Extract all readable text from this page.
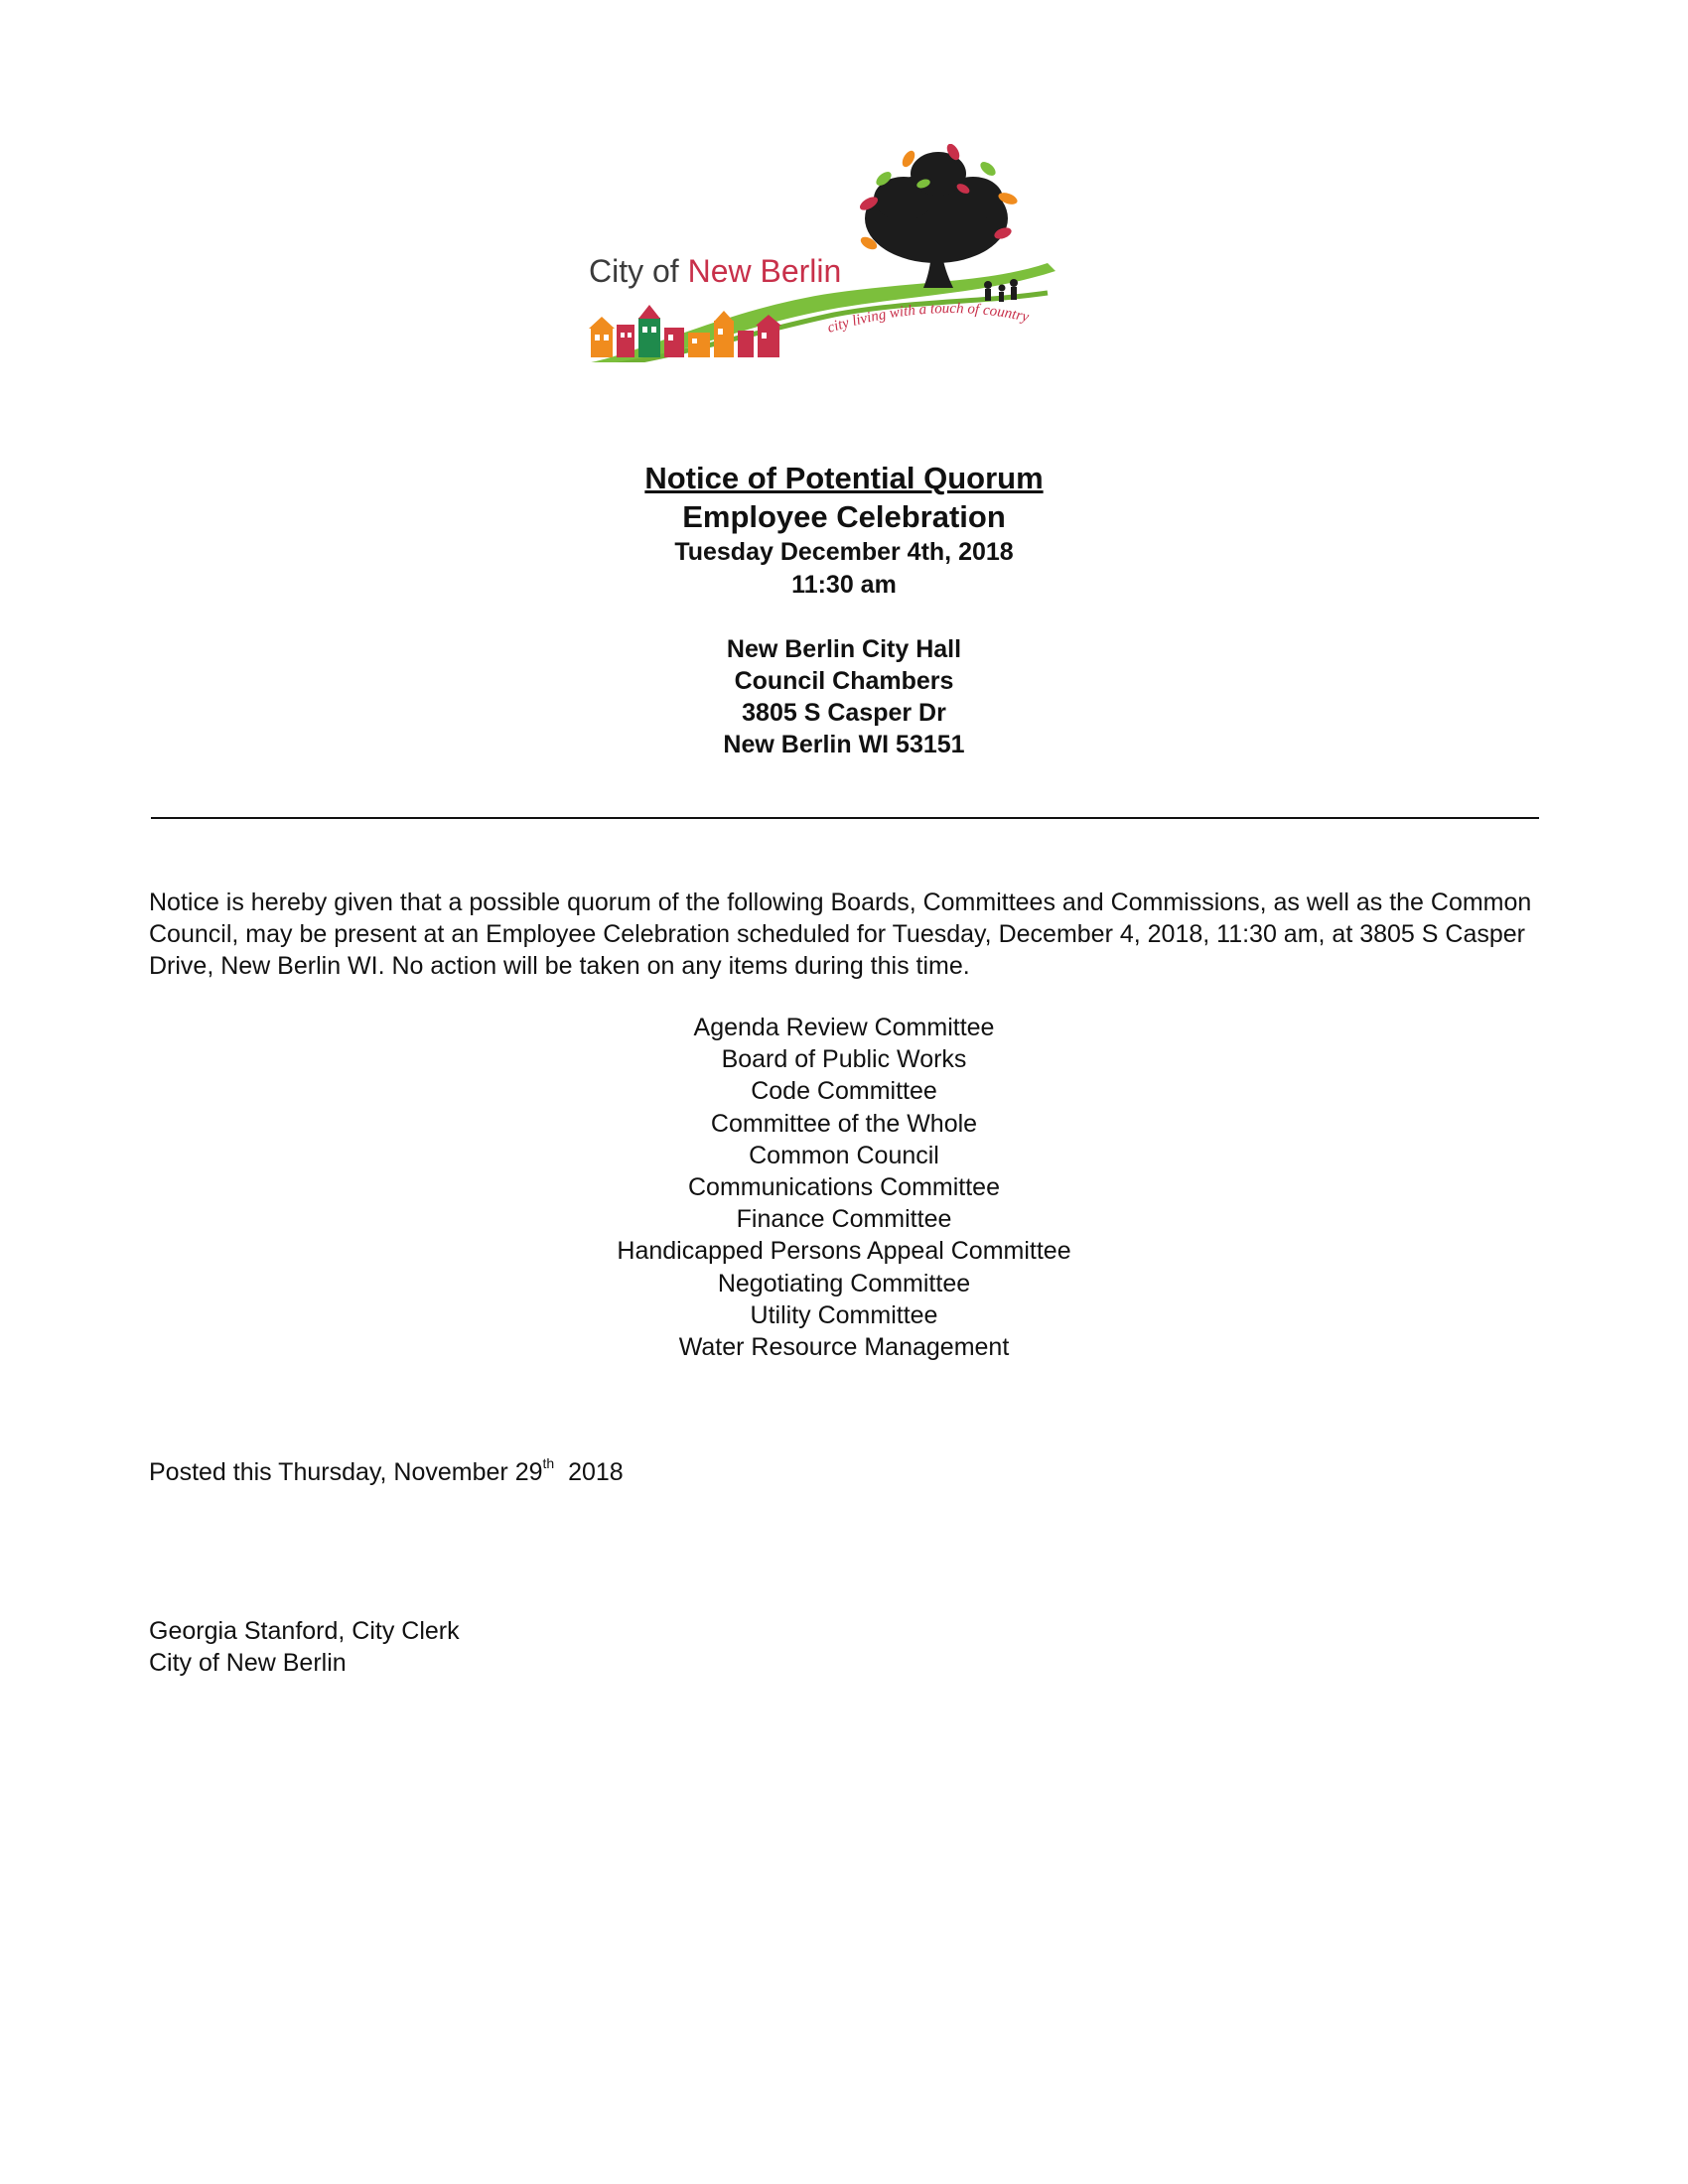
City of New Berlin
city living with a touch of country
Notice of Potential Quorum
Employee Celebration
Tuesday December 4th, 2018
11:30 am
New Berlin City Hall
Council Chambers
3805 S Casper Dr
New Berlin WI 53151
Notice is hereby given that a possible quorum of the following Boards, Committees and Commissions, as well as the Common Council, may be present at an Employee Celebration scheduled for Tuesday, December 4, 2018, 11:30 am, at 3805 S Casper Drive, New Berlin WI. No action will be taken on any items during this time.
Agenda Review Committee
Board of Public Works
Code Committee
Committee of the Whole
Common Council
Communications Committee
Finance Committee
Handicapped Persons Appeal Committee
Negotiating Committee
Utility Committee
Water Resource Management
Posted this Thursday, November 29th 2018
Georgia Stanford, City Clerk
City of New Berlin
